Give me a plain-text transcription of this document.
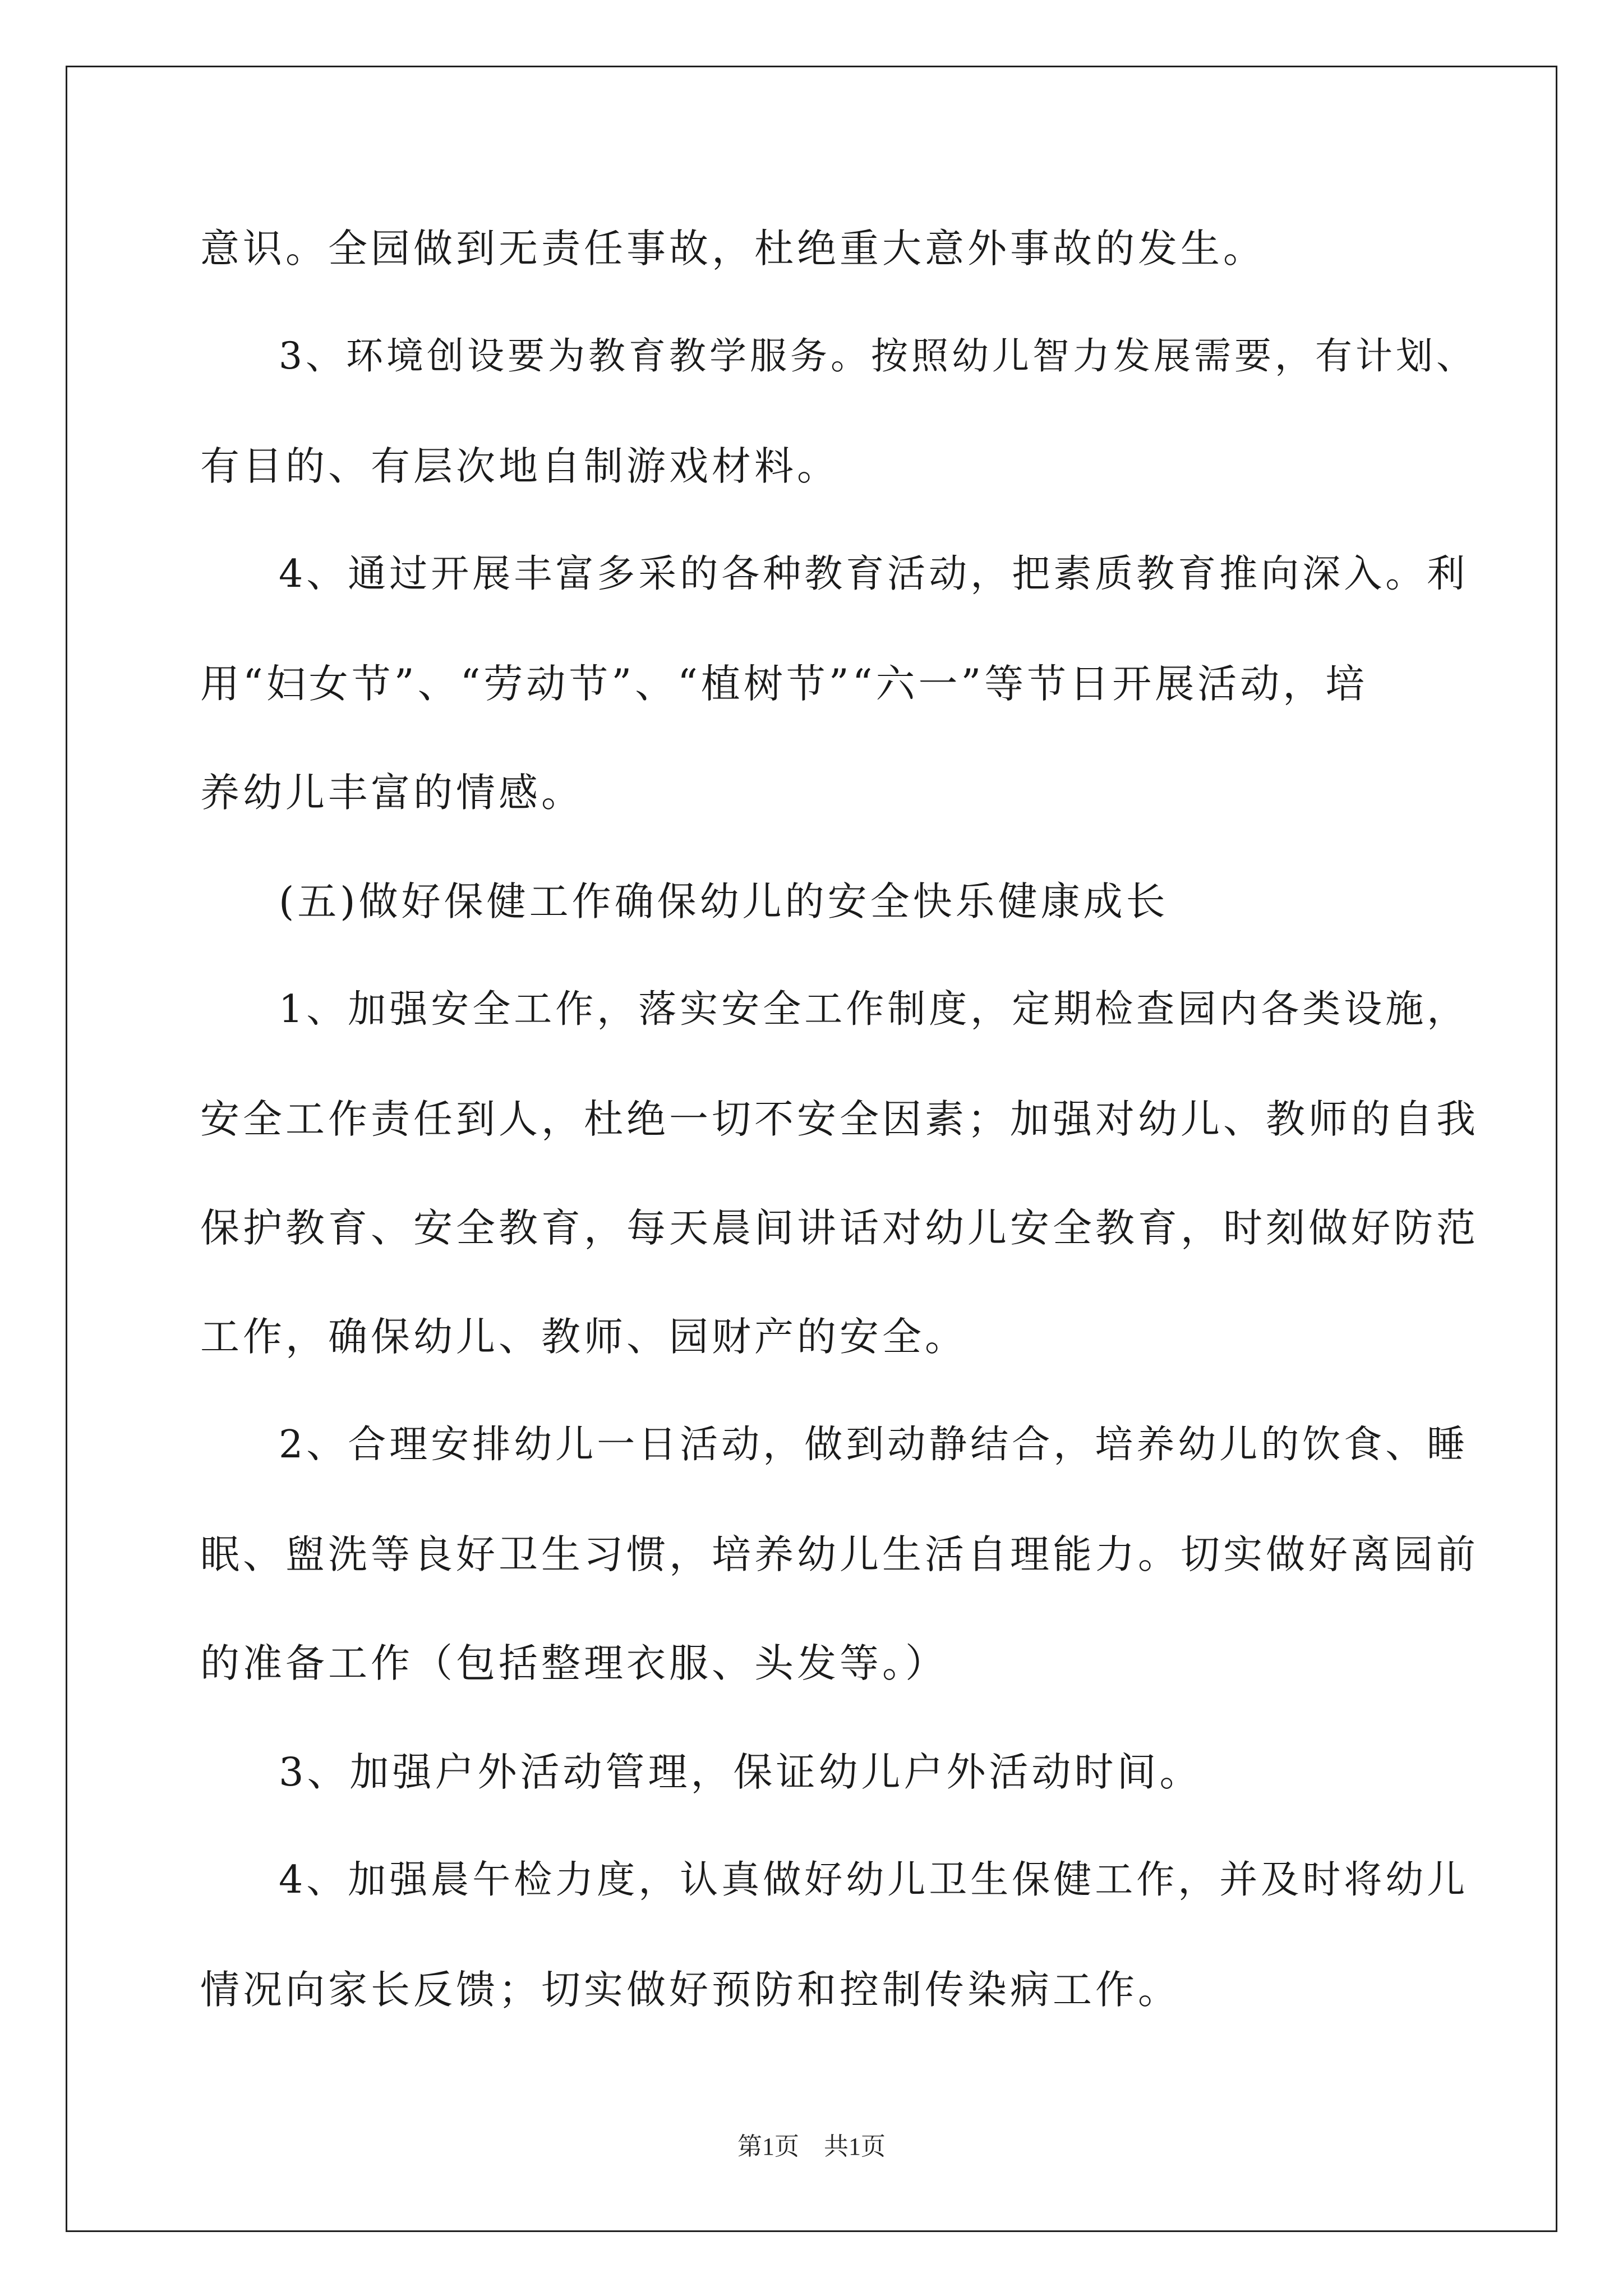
意识。全园做到无责任事故，杜绝重大意外事故的发生。
3、环境创设要为教育教学服务。按照幼儿智力发展需要，有计划、
有目的、有层次地自制游戏材料。
4、通过开展丰富多采的各种教育活动，把素质教育推向深入。利
用“妇女节”、“劳动节”、“植树节”“六一”等节日开展活动，培
养幼儿丰富的情感。
(五)做好保健工作确保幼儿的安全快乐健康成长
1、加强安全工作，落实安全工作制度，定期检查园内各类设施，
安全工作责任到人，杜绝一切不安全因素；加强对幼儿、教师的自我
保护教育、安全教育，每天晨间讲话对幼儿安全教育，时刻做好防范
工作，确保幼儿、教师、园财产的安全。
2、合理安排幼儿一日活动，做到动静结合，培养幼儿的饮食、睡
眠、盥洗等良好卫生习惯，培养幼儿生活自理能力。切实做好离园前
的准备工作（包括整理衣服、头发等。）
3、加强户外活动管理，保证幼儿户外活动时间。
4、加强晨午检力度，认真做好幼儿卫生保健工作，并及时将幼儿
情况向家长反馈；切实做好预防和控制传染病工作。
第1页　共1页
